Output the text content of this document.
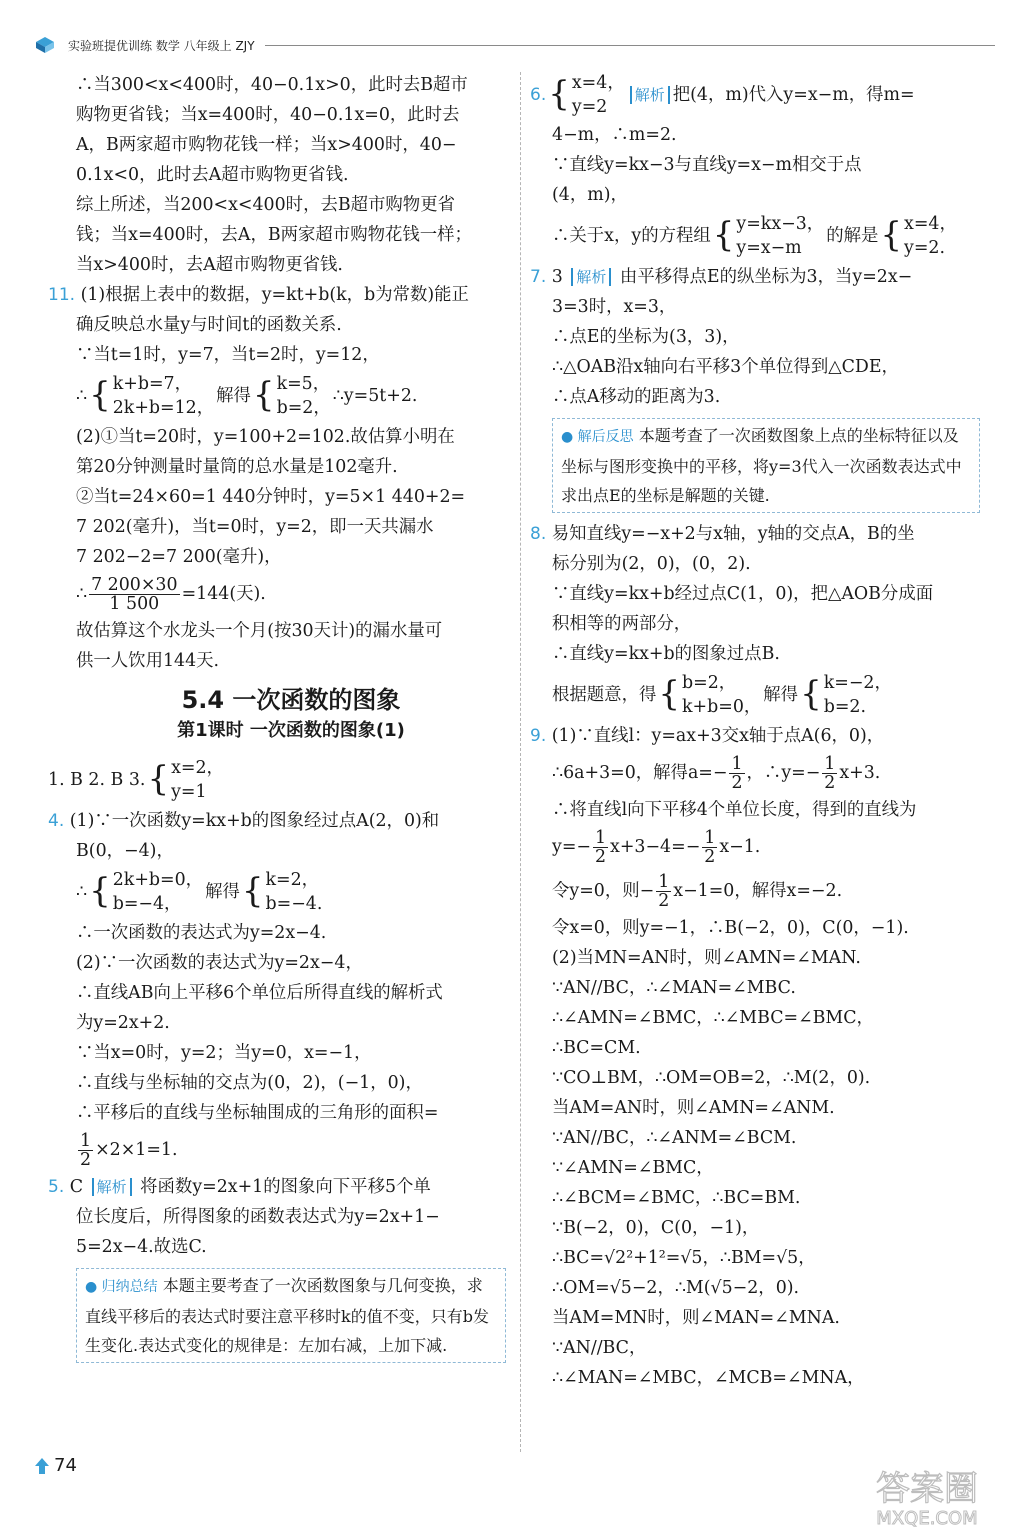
实验班提优训练 数学 八年级上 ZJY
∴当300<x<400时，40−0.1x>0，此时去B超市
购物更省钱；当x=400时，40−0.1x=0，此时去
A，B两家超市购物花钱一样；当x>400时，40−
0.1x<0，此时去A超市购物更省钱.
综上所述，当200<x<400时，去B超市购物更省
钱；当x=400时，去A，B两家超市购物花钱一样；
当x>400时，去A超市购物更省钱.
11. (1)根据上表中的数据，y=kt+b(k，b为常数)能正
确反映总水量y与时间t的函数关系.
∵当t=1时，y=7，当t=2时，y=12，
∴ { k+b=7，
2k+b=12，
解得 { k=5，
b=2，
∴y=5t+2.
(2)①当t=20时，y=100+2=102.故估算小明在
第20分钟测量时量筒的总水量是102毫升.
②当t=24×60=1 440分钟时，y=5×1 440+2=
7 202(毫升)，当t=0时，y=2，即一天共漏水
7 202−2=7 200(毫升)，
∴ $\frac{7 200\times 30}{1 500} =144$(天).
故估算这个水龙头一个月(按30天计)的漏水量可
供一人饮用144天.
5.4 一次函数的图象
第1课时 一次函数的图象(1)
1. B 2. B 3. { x=2，
y=1
4. (1)∵一次函数y=kx+b的图象经过点A(2，0)和
B(0，−4)，
∴ { 2k+b=0，
b=−4，
解得 { k=2，
b=−4.
∴一次函数的表达式为y=2x−4.
(2)∵一次函数的表达式为y=2x−4，
∴直线AB向上平移6个单位后所得直线的解析式
为y=2x+2.
∵当x=0时，y=2；当y=0，x=−1，
∴直线与坐标轴的交点为(0，2)，(−1，0)，
∴平移后的直线与坐标轴围成的三角形的面积=
$\frac{1}{2} \times 2\times 1=1$.
5. C 解析 将函数y=2x+1的图象向下平移5个单
位长度后，所得图象的函数表达式为y=2x+1−
5=2x−4.故选C.
● 归纳总结 本题主要考查了一次函数图象与几何变换，求直线平移后的表达式时要注意平移时k的值不变，只有b发生变化.表达式变化的规律是：左加右减，上加下减.
6. { x=4，
y=2
解析 把(4，m)代入y=x−m，得m=
4−m，∴m=2.
∵直线y=kx−3与直线y=x−m相交于点
(4，m)，
∴关于x，y的方程组 { y=kx−3，
y=x−m
的解是 { x=4，
y=2.
7. 3 解析 由平移得点E的纵坐标为3，当y=2x−
3=3时，x=3，
∴点E的坐标为(3，3)，
∴△OAB沿x轴向右平移3个单位得到△CDE，
∴点A移动的距离为3.
● 解后反思 本题考查了一次函数图象上点的坐标特征以及坐标与图形变换中的平移，将y=3代入一次函数表达式中求出点E的坐标是解题的关键.
8. 易知直线y=−x+2与x轴，y轴的交点A，B的坐
标分别为(2，0)，(0，2).
∵直线y=kx+b经过点C(1，0)，把△AOB分成面
积相等的两部分，
∴直线y=kx+b的图象过点B.
根据题意，得 { b=2，
k+b=0，
解得 { k=−2，
b=2.
9. (1)∵直线l：y=ax+3交x轴于点A(6，0)，
∴6a+3=0，解得$a=- \frac{1}{2}$ ，∴y=− $\frac{1}{2} x+3$.
∴将直线l向下平移4个单位长度，得到的直线为
$y=- \frac{1}{2} x+3-4=- \frac{1}{2} x-1$.
令y=0，则− $\frac{1}{2} x-1=0$，解得x=−2.
令x=0，则y=−1，∴B(−2，0)，C(0，−1).
(2)当MN=AN时，则∠AMN=∠MAN.
∵AN//BC，∴∠MAN=∠MBC.
∴∠AMN=∠BMC，∴∠MBC=∠BMC，
∴BC=CM.
∵CO⊥BM，∴OM=OB=2，∴M(2，0).
当AM=AN时，则∠AMN=∠ANM.
∵AN//BC，∴∠ANM=∠BCM.
∵∠AMN=∠BMC，
∴∠BCM=∠BMC，∴BC=BM.
∵B(−2，0)，C(0，−1)，
∴BC=√2²+1²=√5，∴BM=√5，
∴OM=√5−2，∴M(√5−2，0).
当AM=MN时，则∠MAN=∠MNA.
∵AN//BC，
∴∠MAN=∠MBC，∠MCB=∠MNA，
74
答案圈
MXQE.COM
